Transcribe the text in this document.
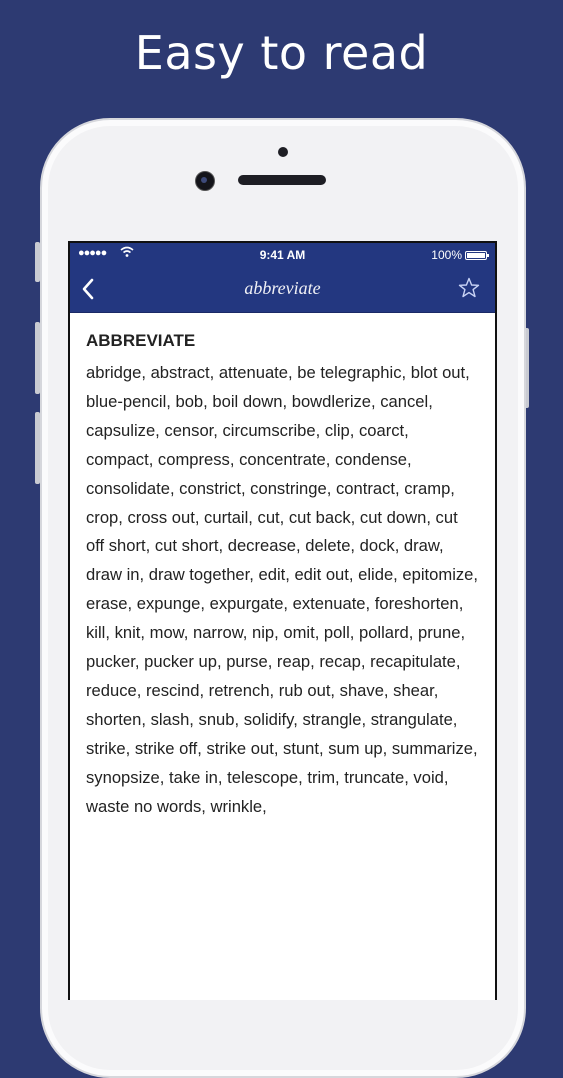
Easy to read
●●●●●	9:41 AM	100%
abbreviate
ABBREVIATE

abridge, abstract, attenuate, be telegraphic, blot out, blue-pencil, bob, boil down, bowdlerize, cancel, capsulize, censor, circumscribe, clip, coarct, compact, compress, concentrate, condense, consolidate, constrict, constringe, contract, cramp, crop, cross out, curtail, cut, cut back, cut down, cut off short, cut short, decrease, delete, dock, draw, draw in, draw together, edit, edit out, elide, epitomize, erase, expunge, expurgate, extenuate, foreshorten, kill, knit, mow, narrow, nip, omit, poll, pollard, prune, pucker, pucker up, purse, reap, recap, recapitulate, reduce, rescind, retrench, rub out, shave, shear, shorten, slash, snub, solidify, strangle, strangulate, strike, strike off, strike out, stunt, sum up, summarize, synopsize, take in, telescope, trim, truncate, void, waste no words, wrinkle,
